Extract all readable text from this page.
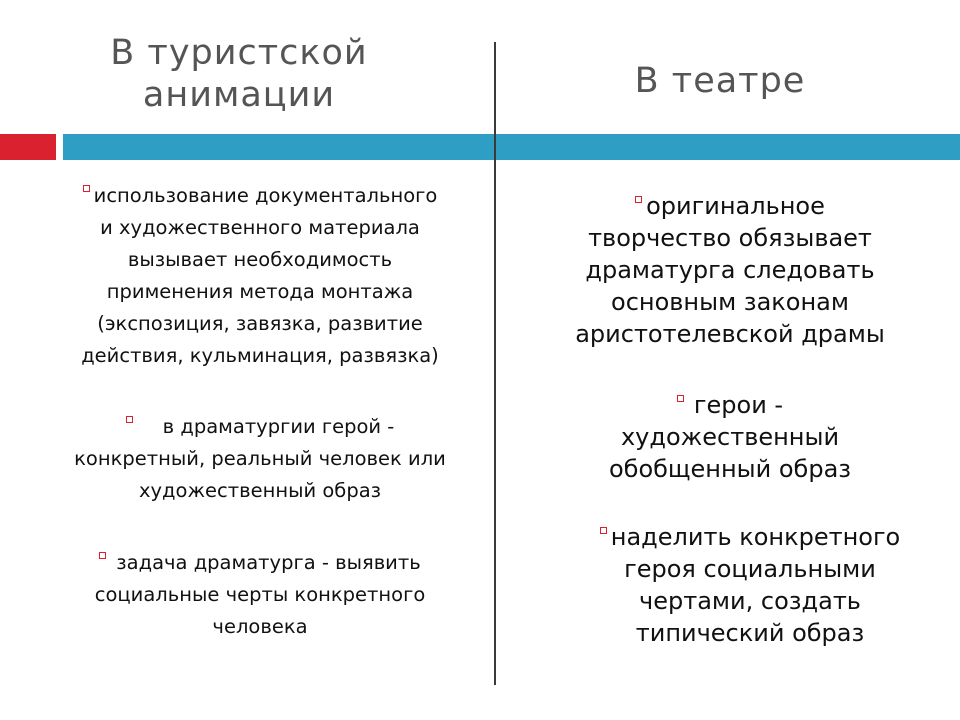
В туристской
анимации	В театре

использование документального

и художественного материала

вызывает необходимость

применения метода монтажа

(экспозиция, завязка, развитие

действия, кульминация, развязка)

в драматургии герой -

конкретный, реальный человек или

художественный образ

задача драматурга - выявить

социальные черты конкретного

человека

оригинальное

творчество обязывает

драматурга следовать

основным законам

аристотелевской драмы

герои -

художественный

обобщенный образ

наделить конкретного

героя социальными

чертами, создать

типический образ
